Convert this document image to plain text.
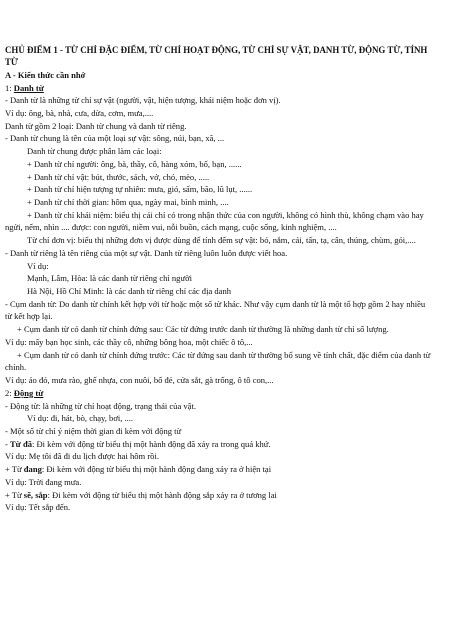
CHỦ ĐIỂM 1 - TỪ CHỈ ĐẶC ĐIỂM, TỪ CHỈ HOẠT ĐỘNG, TỪ CHỈ SỰ VẬT, DANH TỪ, ĐỘNG TỪ, TÍNH TỪ

A - Kiến thức cần nhớ

1: Danh từ

- Danh từ là những từ chỉ sự vật (người, vật, hiện tượng, khái niệm hoặc đơn vị).

Ví dụ: ông, bà, nhà, cưa, dừa, cơm, mưa,....

Danh từ gồm 2 loại: Danh từ chung và danh từ riêng.

- Danh từ chung là tên của một loại sự vật: sông, núi, bạn, xã, ...

Danh từ chung được phân làm các loại:

+ Danh từ chỉ người: ông, bà, thầy, cô, hàng xóm, bố, bạn, ......

+ Danh từ chỉ vật: bút, thước, sách, vở, chó, mèo, .....

+ Danh từ chỉ hiện tượng tự nhiên: mưa, gió, sấm, bão, lũ lụt, ......

+ Danh từ chỉ thời gian: hôm qua, ngày mai, bình minh, ....

+ Danh từ chỉ khái niệm: biểu thị cái chỉ có trong nhận thức của con người, không có hình thù, không chạm vào hay ngửi, nếm, nhìn .... được: con người, niềm vui, nỗi buồn, cách mạng, cuộc sống, kinh nghiệm, ....

Từ chỉ đơn vị: biểu thị những đơn vị được dùng để tính đếm sự vật: bó, nắm, cái, tấn, tạ, cân, thúng, chùm, gói,....

- Danh từ riêng là tên riêng của một sự vật. Danh từ riêng luôn luôn được viết hoa.

Ví dụ:

Mạnh, Lâm, Hòa: là các danh từ riêng chỉ người

Hà Nội, Hồ Chí Minh: là các danh từ riêng chỉ các địa danh

- Cụm danh từ: Do danh từ chính kết hợp với từ hoặc một số từ khác. Như vậy cụm danh từ là một tổ hợp gồm 2 hay nhiều từ kết hợp lại.

+ Cụm danh từ có danh từ chính đứng sau: Các từ đứng trước danh từ thường là những danh từ chỉ số lượng.

Ví dụ: mấy bạn học sinh, các thầy cô, những bông hoa, một chiếc ô tô,...

+ Cụm danh từ có danh từ chính đứng trước: Các từ đứng sau danh từ thường bổ sung về tính chất, đặc điểm của danh từ chính.

Ví dụ: áo đỏ, mưa rào, ghế nhựa, con nuôi, bố đẻ, cửa sắt, gà trống, ô tô con,...

2: Động từ

- Động từ: là những từ chỉ hoạt động, trạng thái của vật.

Ví dụ: đi, hát, bò, chạy, bơi, ....

- Một số từ chỉ ý niệm thời gian đi kèm với động từ

- Từ đã: Đi kèm với động từ biểu thị một hành động đã xảy ra trong quá khứ.

Ví dụ: Mẹ tôi đã đi du lịch được hai hôm rồi.

+ Từ đang: Đi kèm với động từ biểu thị một hành động đang xảy ra ở hiện tại

Ví dụ: Trời đang mưa.

+ Từ sẽ, sắp: Đi kèm với động từ biểu thị một hành động sắp xảy ra ở tương lai

Ví dụ: Tết sắp đến.
